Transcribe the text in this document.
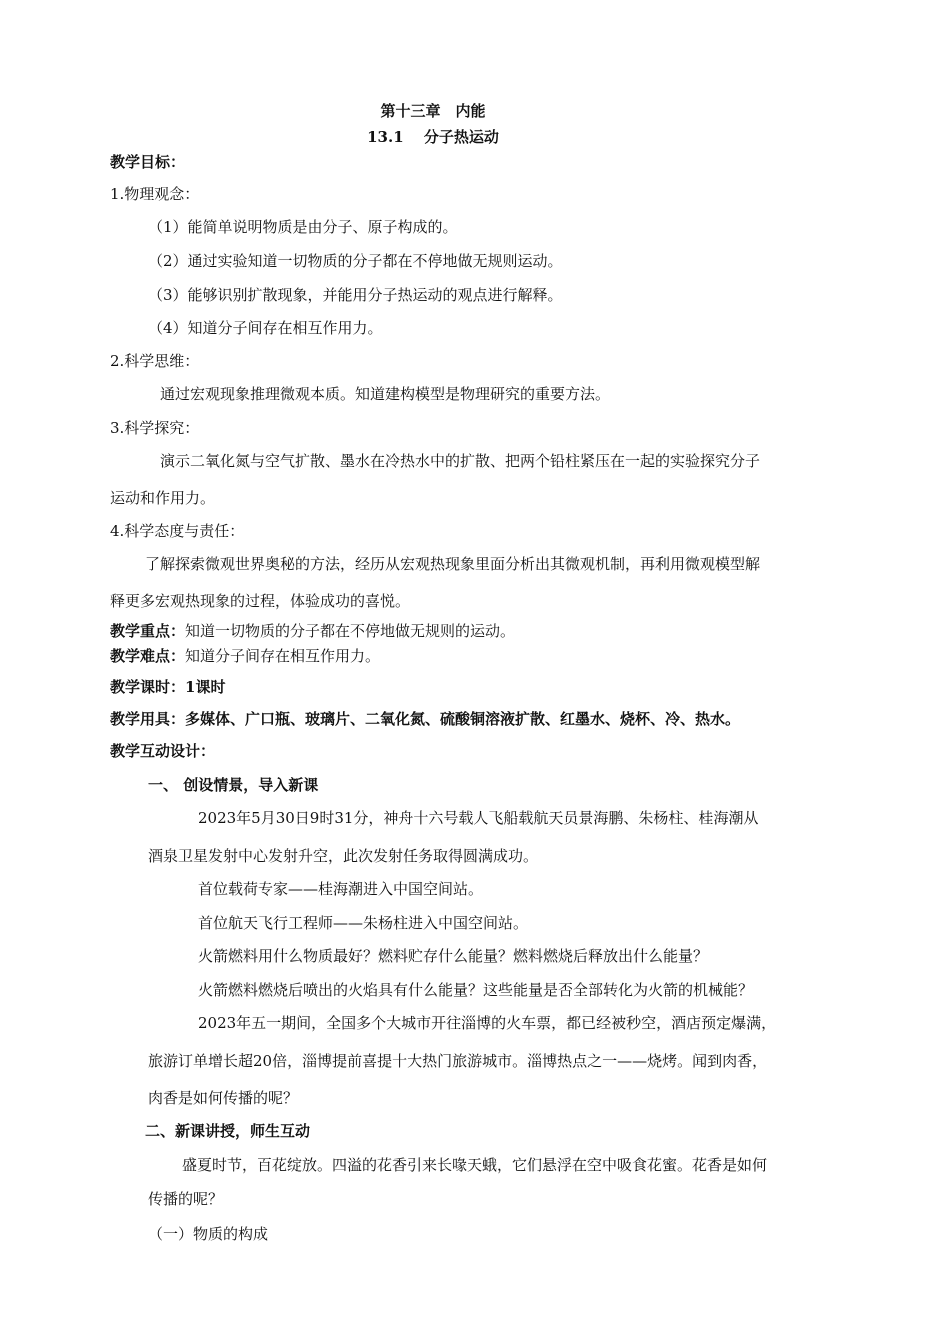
第十三章　内能
13.1　 分子热运动
教学目标：
1.物理观念：
（1）能简单说明物质是由分子、原子构成的。
（2）通过实验知道一切物质的分子都在不停地做无规则运动。
（3）能够识别扩散现象，并能用分子热运动的观点进行解释。
（4）知道分子间存在相互作用力。
2.科学思维：
通过宏观现象推理微观本质。知道建构模型是物理研究的重要方法。
3.科学探究：
演示二氧化氮与空气扩散、墨水在冷热水中的扩散、把两个铅柱紧压在一起的实验探究分子
运动和作用力。
4.科学态度与责任：
了解探索微观世界奥秘的方法，经历从宏观热现象里面分析出其微观机制，再利用微观模型解
释更多宏观热现象的过程，体验成功的喜悦。
教学重点：知道一切物质的分子都在不停地做无规则的运动。
教学难点：知道分子间存在相互作用力。
教学课时：1课时
教学用具：多媒体、广口瓶、玻璃片、二氧化氮、硫酸铜溶液扩散、红墨水、烧杯、冷、热水。
教学互动设计：
一、 创设情景，导入新课
2023年5月30日9时31分，神舟十六号载人飞船载航天员景海鹏、朱杨柱、桂海潮从
酒泉卫星发射中心发射升空，此次发射任务取得圆满成功。
首位载荷专家——桂海潮进入中国空间站。
首位航天飞行工程师——朱杨柱进入中国空间站。
火箭燃料用什么物质最好？燃料贮存什么能量？燃料燃烧后释放出什么能量？
火箭燃料燃烧后喷出的火焰具有什么能量？这些能量是否全部转化为火箭的机械能？
2023年五一期间，全国多个大城市开往淄博的火车票，都已经被秒空，酒店预定爆满，
旅游订单增长超20倍，淄博提前喜提十大热门旅游城市。淄博热点之一——烧烤。闻到肉香，
肉香是如何传播的呢？
二、新课讲授，师生互动
盛夏时节，百花绽放。四溢的花香引来长喙天蛾，它们悬浮在空中吸食花蜜。花香是如何
传播的呢？
（一）物质的构成
